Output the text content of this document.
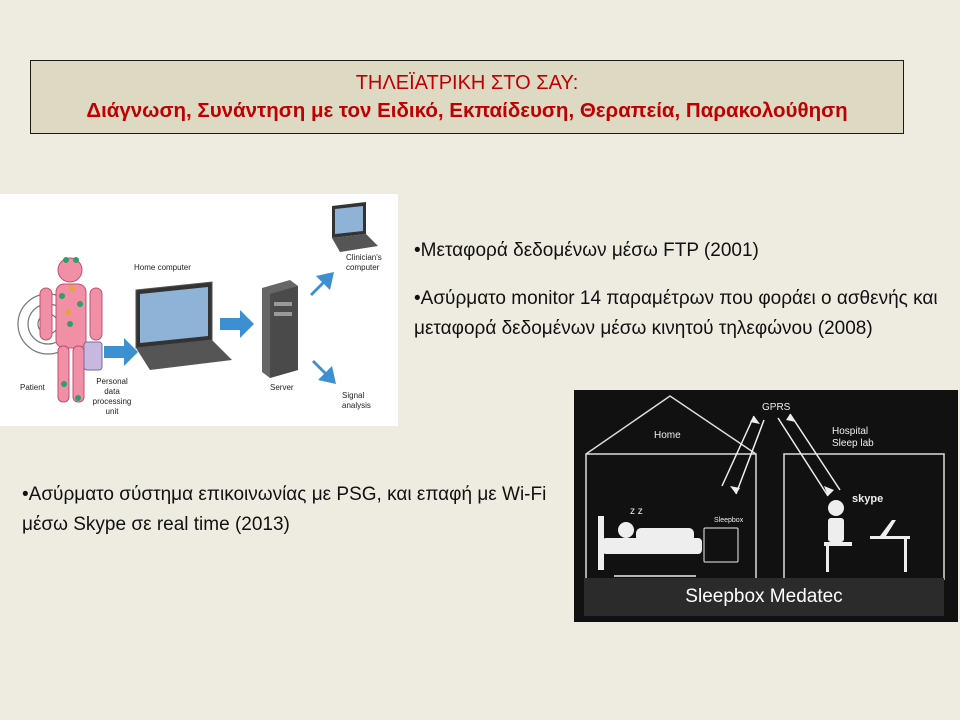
ΤΗΛΕΪΑΤΡΙΚΗ ΣΤΟ ΣΑΥ:
Διάγνωση, Συνάντηση με τον Ειδικό, Εκπαίδευση, Θεραπεία, Παρακολούθηση
Patient
Personal
data
processing
unit
Home computer
Server
Clinician's
computer
Signal
analysis

•Μεταφορά δεδομένων μέσω FTP (2001)

•Ασύρματο monitor 14 παραμέτρων που φοράει ο ασθενής και μεταφορά δεδομένων μέσω κινητού τηλεφώνου (2008)

z z
GPRS
Home	Hospital
Sleep lab
Sleepbox
skype
Sleepbox Medatec
•Ασύρματο σύστημα επικοινωνίας με PSG, και επαφή με Wi-Fi μέσω Skype σε real time (2013)
